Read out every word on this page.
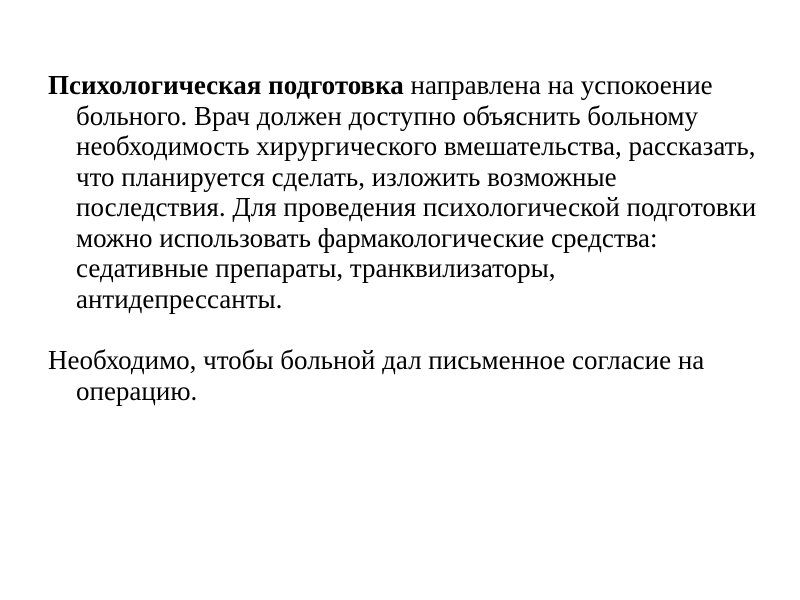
Психологическая подготовка направлена на успокоение больного. Врач должен доступно объяснить больному необходимость хирургического вмешательства, рассказать, что планируется сделать, изложить возможные последствия. Для проведения психологической подготовки можно использовать фармакологические средства: седативные препараты, транквилизаторы, антидепрессанты.

Необходимо, чтобы больной дал письменное согласие на операцию.
